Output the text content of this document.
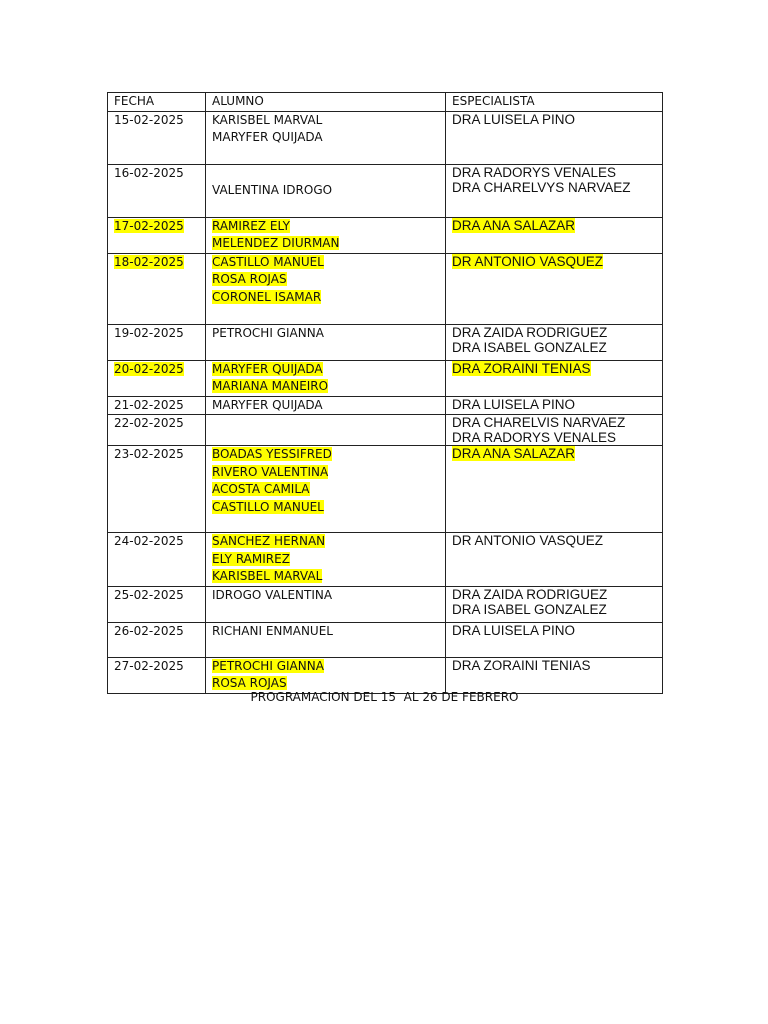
FECHA	ALUMNO	ESPECIALISTA
15-02-2025	KARISBEL MARVAL
MARYFER QUIJADA	DRA LUISELA PINO

16-02-2025	VALENTINA IDROGO	DRA RADORYS VENALES
DRA CHARELVYS NARVAEZ

17-02-2025	RAMIREZ ELY
MELENDEZ DIURMAN	DRA ANA SALAZAR

18-02-2025	CASTILLO MANUEL
ROSA ROJAS
CORONEL ISAMAR	DR ANTONIO VASQUEZ

19-02-2025	PETROCHI GIANNA	DRA ZAIDA RODRIGUEZ
DRA ISABEL GONZALEZ

20-02-2025	MARYFER QUIJADA
MARIANA MANEIRO	DRA ZORAINI TENIAS

21-02-2025	MARYFER QUIJADA	DRA LUISELA PINO

22-02-2025		DRA CHARELVIS NARVAEZ
DRA RADORYS VENALES

23-02-2025	BOADAS YESSIFRED
RIVERO VALENTINA
ACOSTA CAMILA
CASTILLO MANUEL	DRA ANA SALAZAR

24-02-2025	SANCHEZ HERNAN
ELY RAMIREZ
KARISBEL MARVAL	DR ANTONIO VASQUEZ

25-02-2025	IDROGO VALENTINA	DRA ZAIDA RODRIGUEZ
DRA ISABEL GONZALEZ

26-02-2025	RICHANI ENMANUEL	DRA LUISELA PINO

27-02-2025	PETROCHI GIANNA
ROSA ROJAS	DRA ZORAINI TENIAS
PROGRAMACION DEL 15  AL 26 DE FEBRERO
